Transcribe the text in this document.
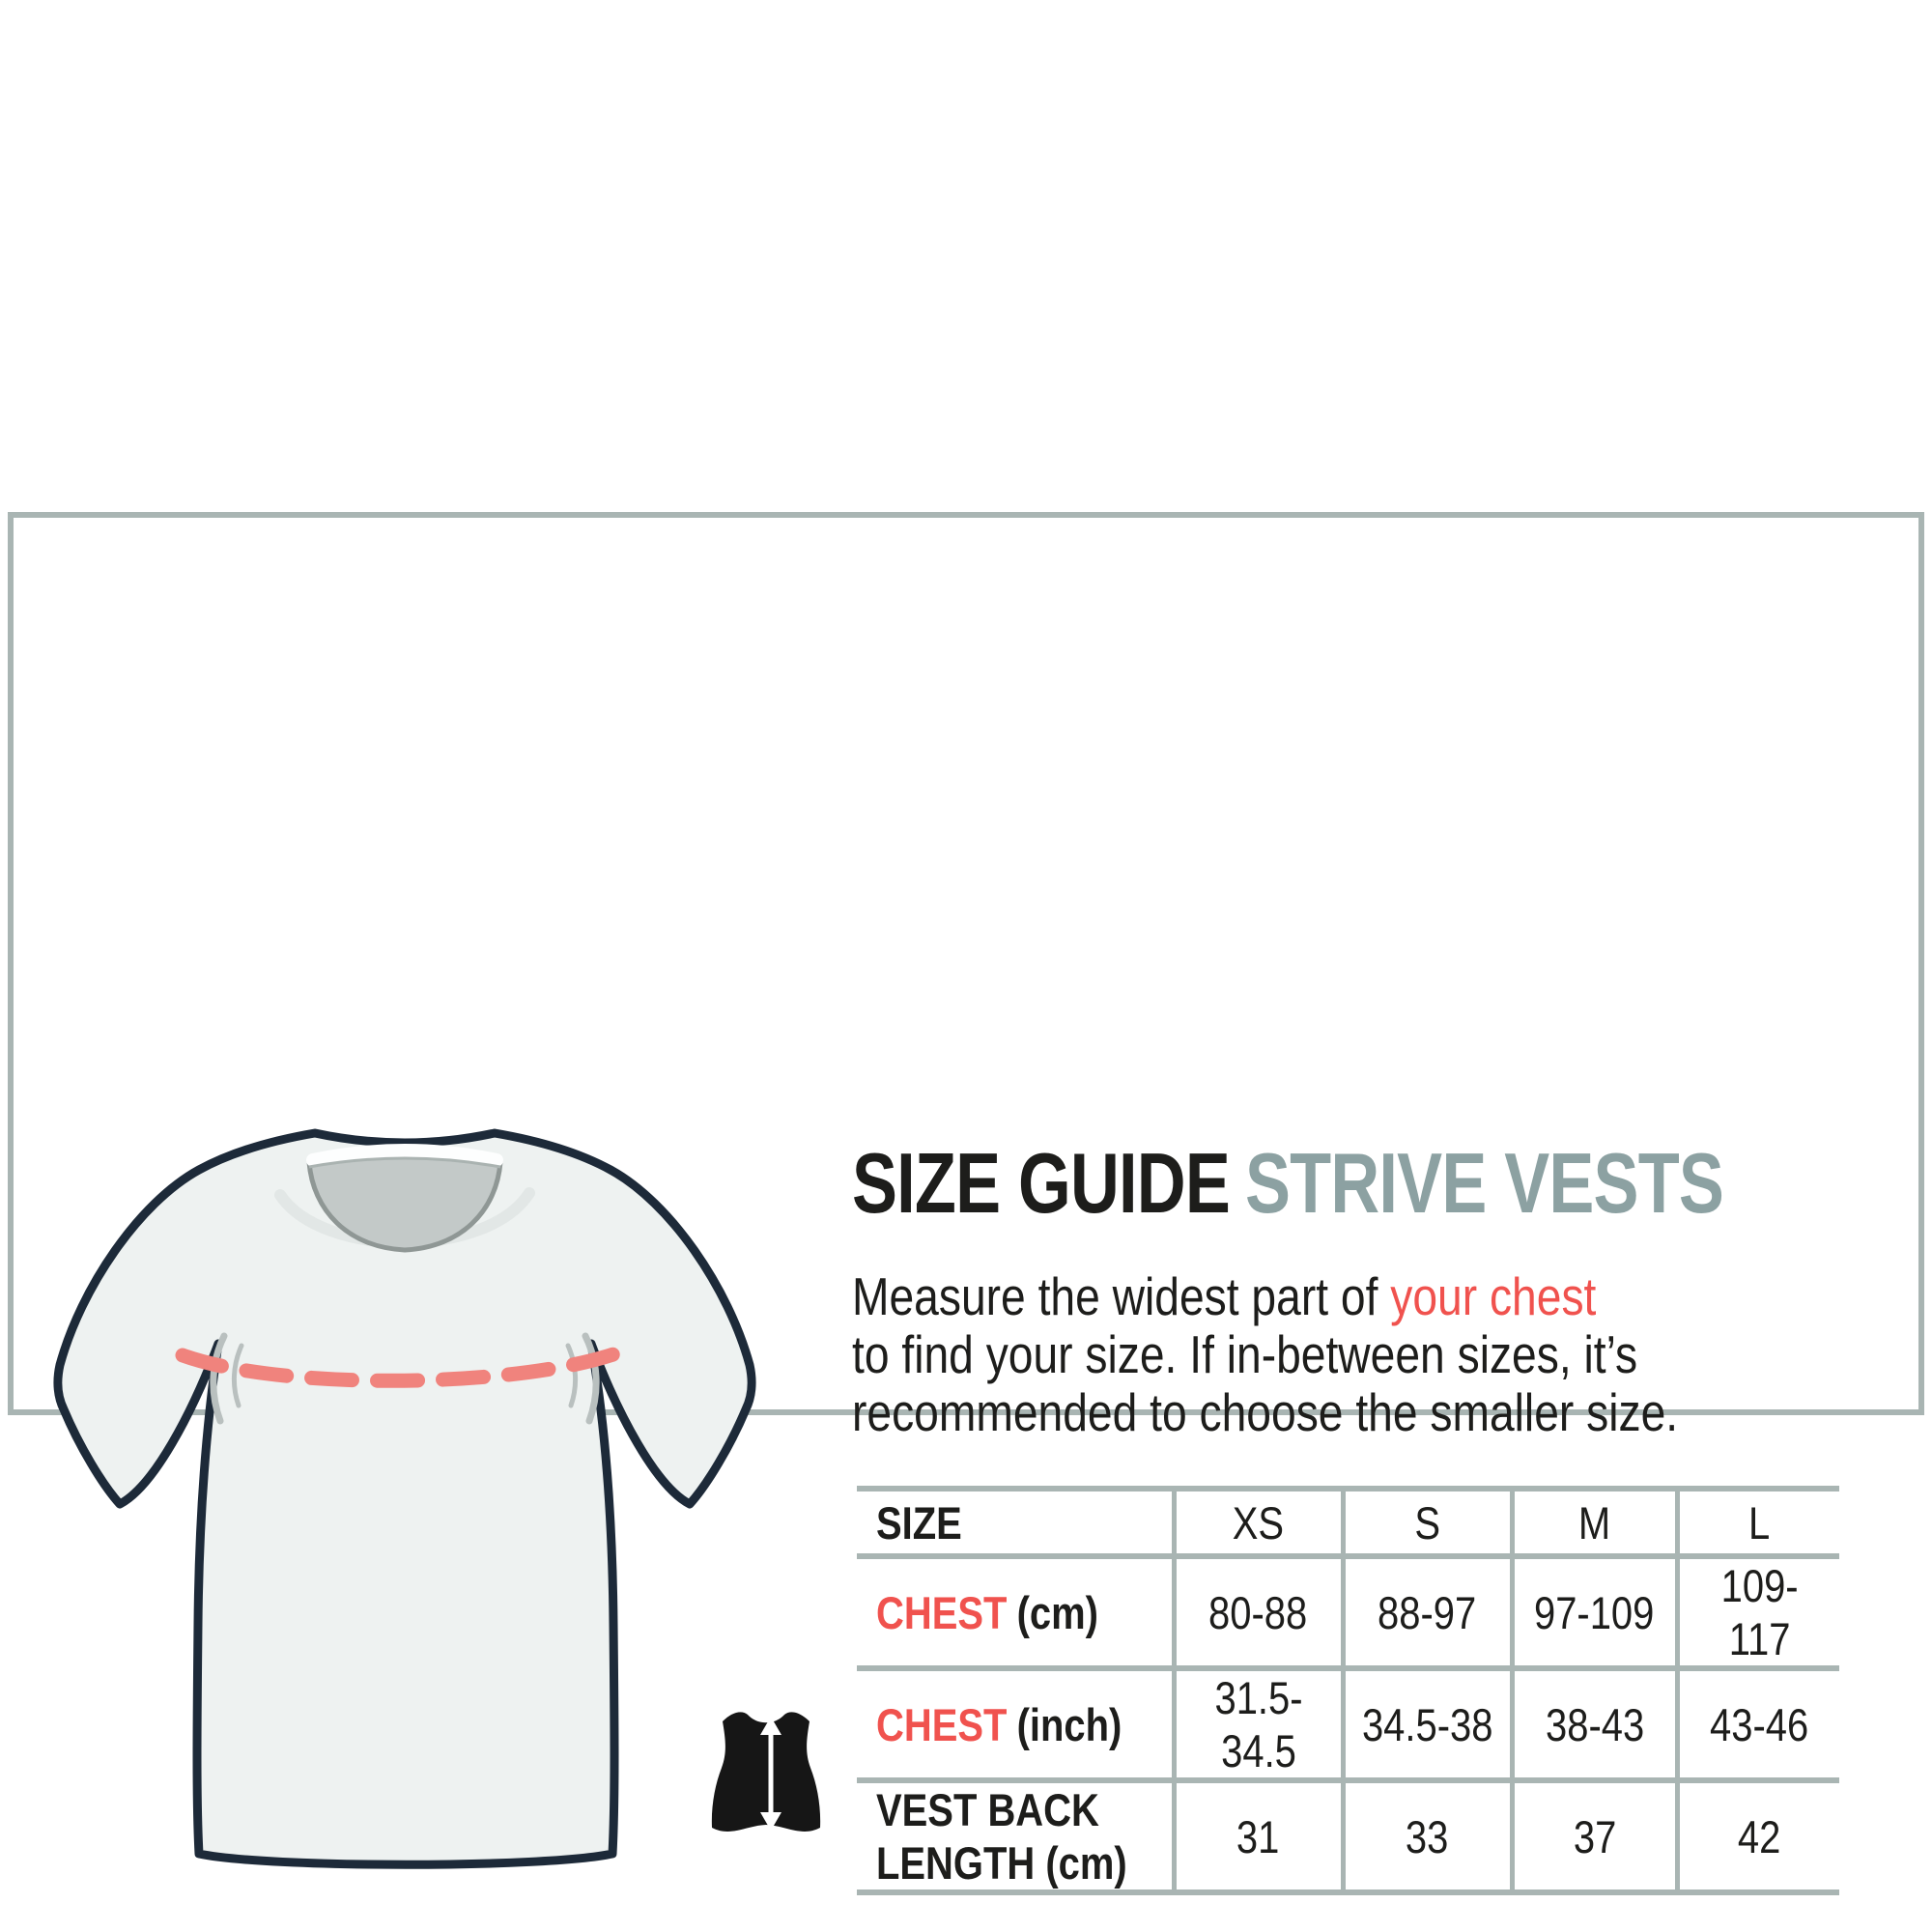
SIZE GUIDE STRIVE VESTS
Measure the widest part of your chest
to find your size. If in-between sizes, it’s
recommended to choose the smaller size.
SIZE	XS	S	M	L
CHEST (cm)	80-88	88-97	97-109	109-117
CHEST (inch)	31.5-34.5	34.5-38	38-43	43-46

VEST BACK
LENGTH (cm)	31	33	37	42
